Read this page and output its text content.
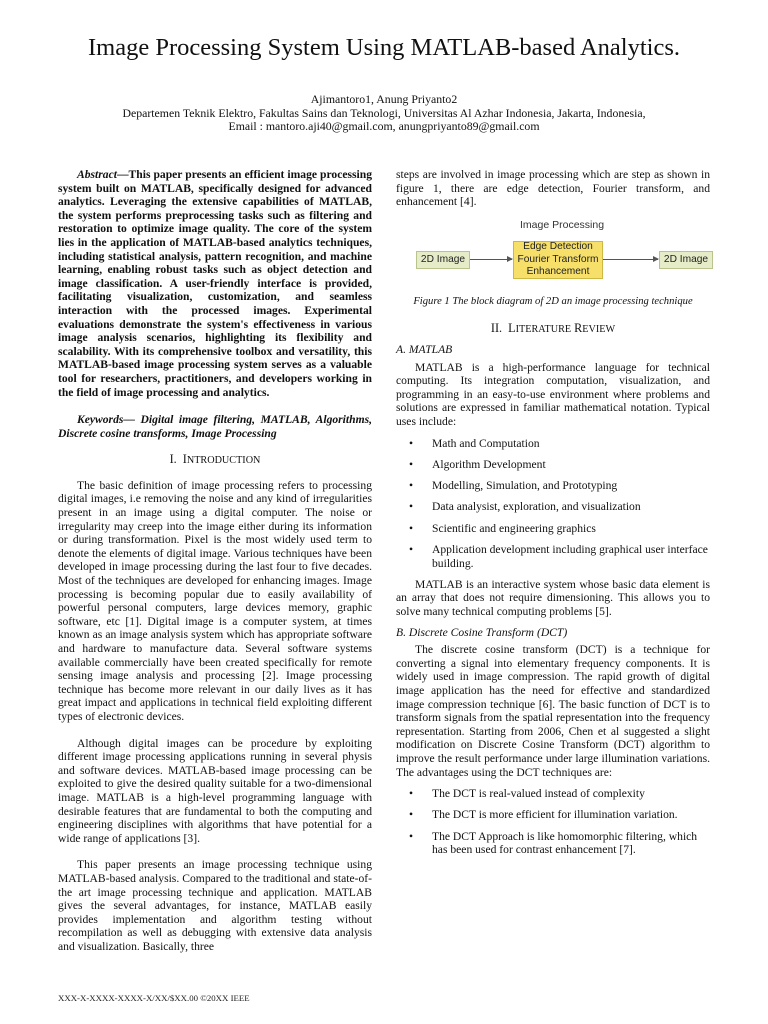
Image Processing System Using MATLAB-based Analytics.
Ajimantoro1, Anung Priyanto2
Departemen Teknik Elektro, Fakultas Sains dan Teknologi, Universitas Al Azhar Indonesia, Jakarta, Indonesia,
Email : mantoro.aji40@gmail.com, anungpriyanto89@gmail.com

Abstract—This paper presents an efficient image processing system built on MATLAB, specifically designed for advanced analytics. Leveraging the extensive capabilities of MATLAB, the system performs preprocessing tasks such as filtering and restoration to optimize image quality. The core of the system lies in the application of MATLAB-based analytics techniques, including statistical analysis, pattern recognition, and machine learning, enabling robust tasks such as object detection and image classification. A user-friendly interface is provided, facilitating visualization, customization, and seamless interaction with the processed images. Experimental evaluations demonstrate the system's effectiveness in various image analysis scenarios, highlighting its flexibility and scalability. With its comprehensive toolbox and versatility, this MATLAB-based image processing system serves as a valuable tool for researchers, practitioners, and developers working in the field of image processing and analytics.

Keywords— Digital image filtering, MATLAB, Algorithms, Discrete cosine transforms, Image Processing

I. INTRODUCTION

The basic definition of image processing refers to processing digital images, i.e removing the noise and any kind of irregularities present in an image using a digital computer. The noise or irregularity may creep into the image either during its information or during transformation. Pixel is the most widely used term to denote the elements of digital image. Various techniques have been developed in image processing during the last four to five decades. Most of the techniques are developed for enhancing images. Image processing is becoming popular due to easily availability of powerful personal computers, large devices memory, graphic software, etc [1]. Digital image is a computer system, at times known as an image analysis system which has appropriate software and hardware to manufacture data. Several software systems available commercially have been created specifically for remote sensing image analysis and processing [2]. Image processing technique has become more relevant in our daily lives as it has great impact and applications in technical field exploiting different types of electronic devices.

Although digital images can be procedure by exploiting different image processing applications running in several physis and software devices. MATLAB-based image processing can be exploited to give the desired quality suitable for a two-dimensional image. MATLAB is a high-level programming language with desirable features that are fundamental to both the computing and engineering disciplines with algorithms that have potential for a wide range of applications [3].

This paper presents an image processing technique using MATLAB-based analysis. Compared to the traditional and state-of-the art image processing technique and application. MATLAB gives the several advantages, for instance, MATLAB easily provides implementation and algorithm testing without recompilation as well as debugging with extensive data analysis and visualization. Basically, three

steps are involved in image processing which are step as shown in figure 1, there are edge detection, Fourier transform, and enhancement [4].

Image Processing
2D Image
Edge Detection
Fourier Transform
Enhancement
2D Image

Figure 1 The block diagram of 2D an image processing technique

II. LITERATURE REVIEW
A. MATLAB

MATLAB is a high-performance language for technical computing. Its integration computation, visualization, and programming in an easy-to-use environment where problems and solutions are expressed in familiar mathematical notation. Typical uses include:

• Math and Computation
• Algorithm Development
• Modelling, Simulation, and Prototyping
• Data analysist, exploration, and visualization
• Scientific and engineering graphics
• Application development including graphical user interface building.

MATLAB is an interactive system whose basic data element is an array that does not require dimensioning. This allows you to solve many technical computing problems [5].

B. Discrete Cosine Transform (DCT)

The discrete cosine transform (DCT) is a technique for converting a signal into elementary frequency components. It is widely used in image compression. The rapid growth of digital image application has the need for effective and standardized image compression technique [6]. The basic function of DCT is to transform signals from the spatial representation into the frequency representation. Starting from 2006, Chen et al suggested a slight modification on Discrete Cosine Transform (DCT) algorithm to improve the result performance under large illumination variations. The advantages using the DCT techniques are:

• The DCT is real-valued instead of complexity
• The DCT is more efficient for illumination variation.
• The DCT Approach is like homomorphic filtering, which has been used for contrast enhancement [7].
XXX-X-XXXX-XXXX-X/XX/$XX.00 ©20XX IEEE
